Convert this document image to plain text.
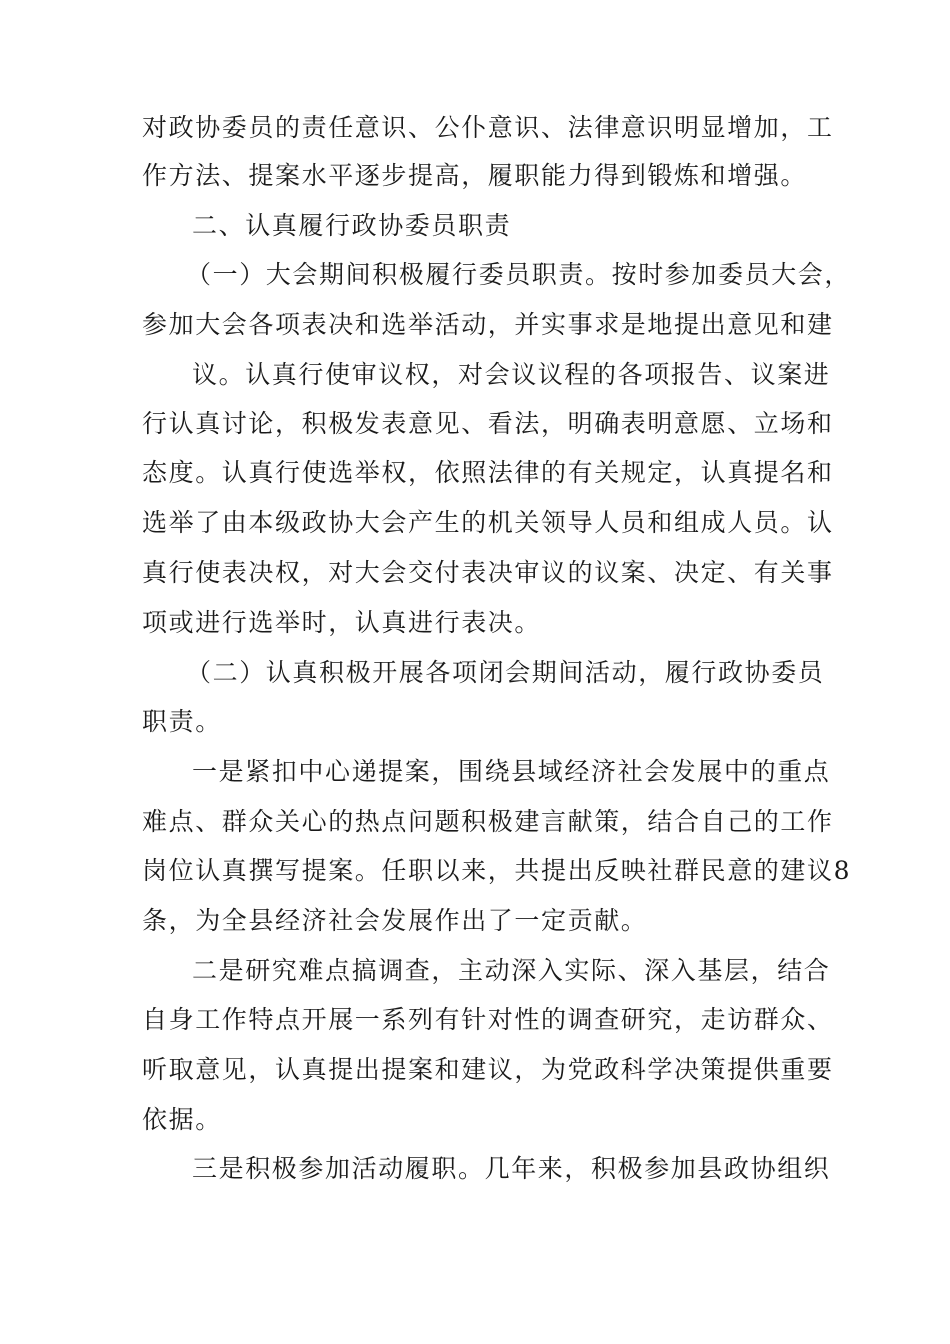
对政协委员的责任意识、公仆意识、法律意识明显增加，工
作方法、提案水平逐步提高，履职能力得到锻炼和增强。
二、认真履行政协委员职责
（一）大会期间积极履行委员职责。按时参加委员大会，
参加大会各项表决和选举活动，并实事求是地提出意见和建
议。认真行使审议权，对会议议程的各项报告、议案进
行认真讨论，积极发表意见、看法，明确表明意愿、立场和
态度。认真行使选举权，依照法律的有关规定，认真提名和
选举了由本级政协大会产生的机关领导人员和组成人员。认
真行使表决权，对大会交付表决审议的议案、决定、有关事
项或进行选举时，认真进行表决。
（二）认真积极开展各项闭会期间活动，履行政协委员
职责。
一是紧扣中心递提案，围绕县域经济社会发展中的重点
难点、群众关心的热点问题积极建言献策，结合自己的工作
岗位认真撰写提案。任职以来，共提出反映社群民意的建议8
条，为全县经济社会发展作出了一定贡献。
二是研究难点搞调查，主动深入实际、深入基层，结合
自身工作特点开展一系列有针对性的调查研究，走访群众、
听取意见，认真提出提案和建议，为党政科学决策提供重要
依据。
三是积极参加活动履职。几年来，积极参加县政协组织
